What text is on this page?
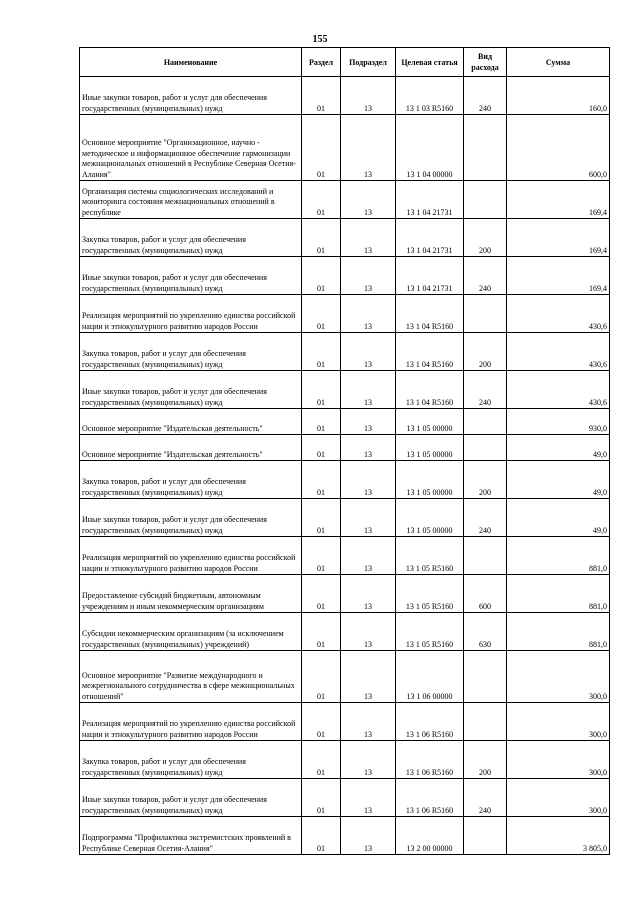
155
Наименование	Раздел	Подраздел	Целевая статья	Вид расхода	Сумма
Иные закупки товаров, работ и услуг для обеспечения государственных (муниципальных) нужд	01	13	13 1 03 R5160	240	160,0
Основное мероприятие "Организационное, научно - методическое и информационное обеспечение гармонизации межнациональных отношений в Республике Северная Осетия-Алания"	01	13	13 1 04 00000		600,0
Организация системы социологических исследований и мониторинга состояния межнациональных отношений в республике	01	13	13 1 04 21731		169,4
Закупка товаров, работ и услуг для обеспечения государственных (муниципальных) нужд	01	13	13 1 04 21731	200	169,4
Иные закупки товаров, работ и услуг для обеспечения государственных (муниципальных) нужд	01	13	13 1 04 21731	240	169,4
Реализация мероприятий по укреплению единства российской нации и этнокультурного развитию народов России	01	13	13 1 04 R5160		430,6
Закупка товаров, работ и услуг для обеспечения государственных (муниципальных) нужд	01	13	13 1 04 R5160	200	430,6
Иные закупки товаров, работ и услуг для обеспечения государственных (муниципальных) нужд	01	13	13 1 04 R5160	240	430,6
Основное мероприятие "Издательская деятельность"	01	13	13 1 05 00000		930,0
Основное мероприятие "Издательская деятельность"	01	13	13 1 05 00000		49,0
Закупка товаров, работ и услуг для обеспечения государственных (муниципальных) нужд	01	13	13 1 05 00000	200	49,0
Иные закупки товаров, работ и услуг для обеспечения государственных (муниципальных) нужд	01	13	13 1 05 00000	240	49,0
Реализация мероприятий по укреплению единства российской нации и этнокультурного развитию народов России	01	13	13 1 05 R5160		881,0
Предоставление субсидий бюджетным, автономным учреждениям и иным некоммерческим организациям	01	13	13 1 05 R5160	600	881,0
Субсидии некоммерческим организациям (за исключением государственных (муниципальных) учреждений)	01	13	13 1 05 R5160	630	881,0
Основное мероприятие "Развитие международного и межрегионального сотрудничества в сфере межнациональных отношений"	01	13	13 1 06 00000		300,0
Реализация мероприятий по укреплению единства российской нации и этнокультурного развитию народов России	01	13	13 1 06 R5160		300,0
Закупка товаров, работ и услуг для обеспечения государственных (муниципальных) нужд	01	13	13 1 06 R5160	200	300,0
Иные закупки товаров, работ и услуг для обеспечения государственных (муниципальных) нужд	01	13	13 1 06 R5160	240	300,0
Подпрограмма "Профилактика экстремистских проявлений в Республике Северная Осетия-Алания"	01	13	13 2 00 00000		3 805,0
